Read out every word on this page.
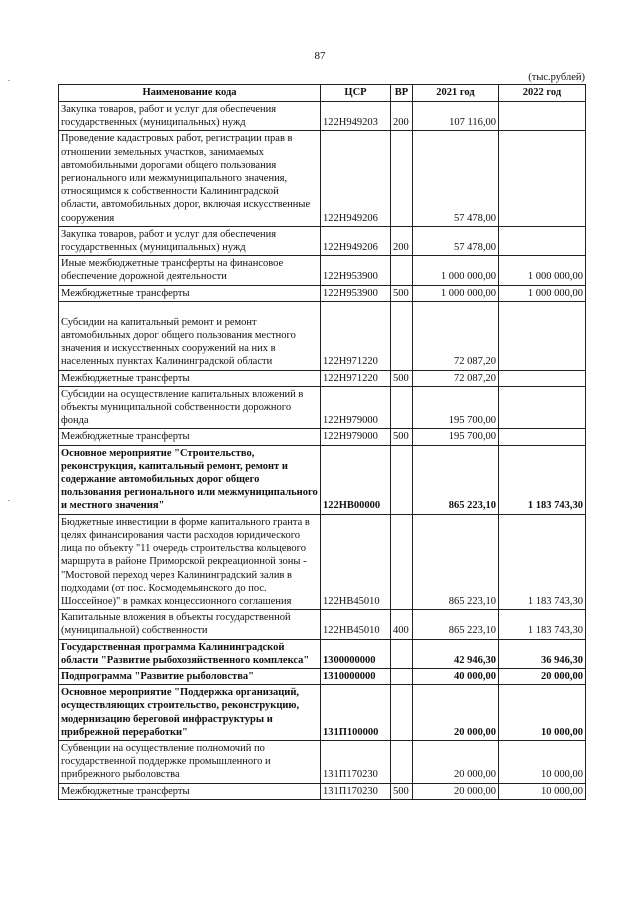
87
(тыс.рублей)
Наименование кода	ЦСР	ВР	2021 год	2022 год
Закупка товаров, работ и услуг для обеспечения государственных (муниципальных) нужд	122Н949203	200	107 116,00	
Проведение кадастровых работ, регистрации прав в отношении земельных участков, занимаемых автомобильными дорогами общего пользования регионального или межмуниципального значения, относящимся к собственности Калининградской области, автомобильных дорог, включая искусственные сооружения	122Н949206		57 478,00	
Закупка товаров, работ и услуг для обеспечения государственных (муниципальных) нужд	122Н949206	200	57 478,00	
Иные межбюджетные трансферты на финансовое обеспечение дорожной деятельности	122Н953900		1 000 000,00	1 000 000,00
Межбюджетные трансферты	122Н953900	500	1 000 000,00	1 000 000,00
Субсидии на капитальный ремонт и ремонт автомобильных дорог общего пользования местного значения и искусственных сооружений на них в населенных пунктах Калининградской области	122Н971220		72 087,20	
Межбюджетные трансферты	122Н971220	500	72 087,20	
Субсидии на осуществление капитальных вложений в объекты муниципальной собственности дорожного фонда	122Н979000		195 700,00	
Межбюджетные трансферты	122Н979000	500	195 700,00	
Основное мероприятие "Строительство, реконструкция, капитальный ремонт, ремонт и содержание автомобильных дорог общего пользования регионального или межмуниципального и местного значения"	122НВ00000		865 223,10	1 183 743,30
Бюджетные инвестиции в форме капитального гранта в целях финансирования части расходов юридического лица по объекту "11 очередь строительства кольцевого маршрута в районе Приморской рекреационной зоны - "Мостовой переход через Калининградский залив в подходами (от пос. Космодемьянского до пос. Шоссейное)" в рамках концессионного соглашения	122НВ45010		865 223,10	1 183 743,30
Капитальные вложения в объекты государственной (муниципальной) собственности	122НВ45010	400	865 223,10	1 183 743,30
Государственная программа Калининградской области "Развитие рыбохозяйственного комплекса"	1300000000		42 946,30	36 946,30
Подпрограмма "Развитие рыболовства"	1310000000		40 000,00	20 000,00
Основное мероприятие "Поддержка организаций, осуществляющих строительство, реконструкцию, модернизацию береговой инфраструктуры и прибрежной переработки"	131П100000		20 000,00	10 000,00
Субвенции на осуществление полномочий по государственной поддержке промышленного и прибрежного рыболовства	131П170230		20 000,00	10 000,00
Межбюджетные трансферты	131П170230	500	20 000,00	10 000,00
